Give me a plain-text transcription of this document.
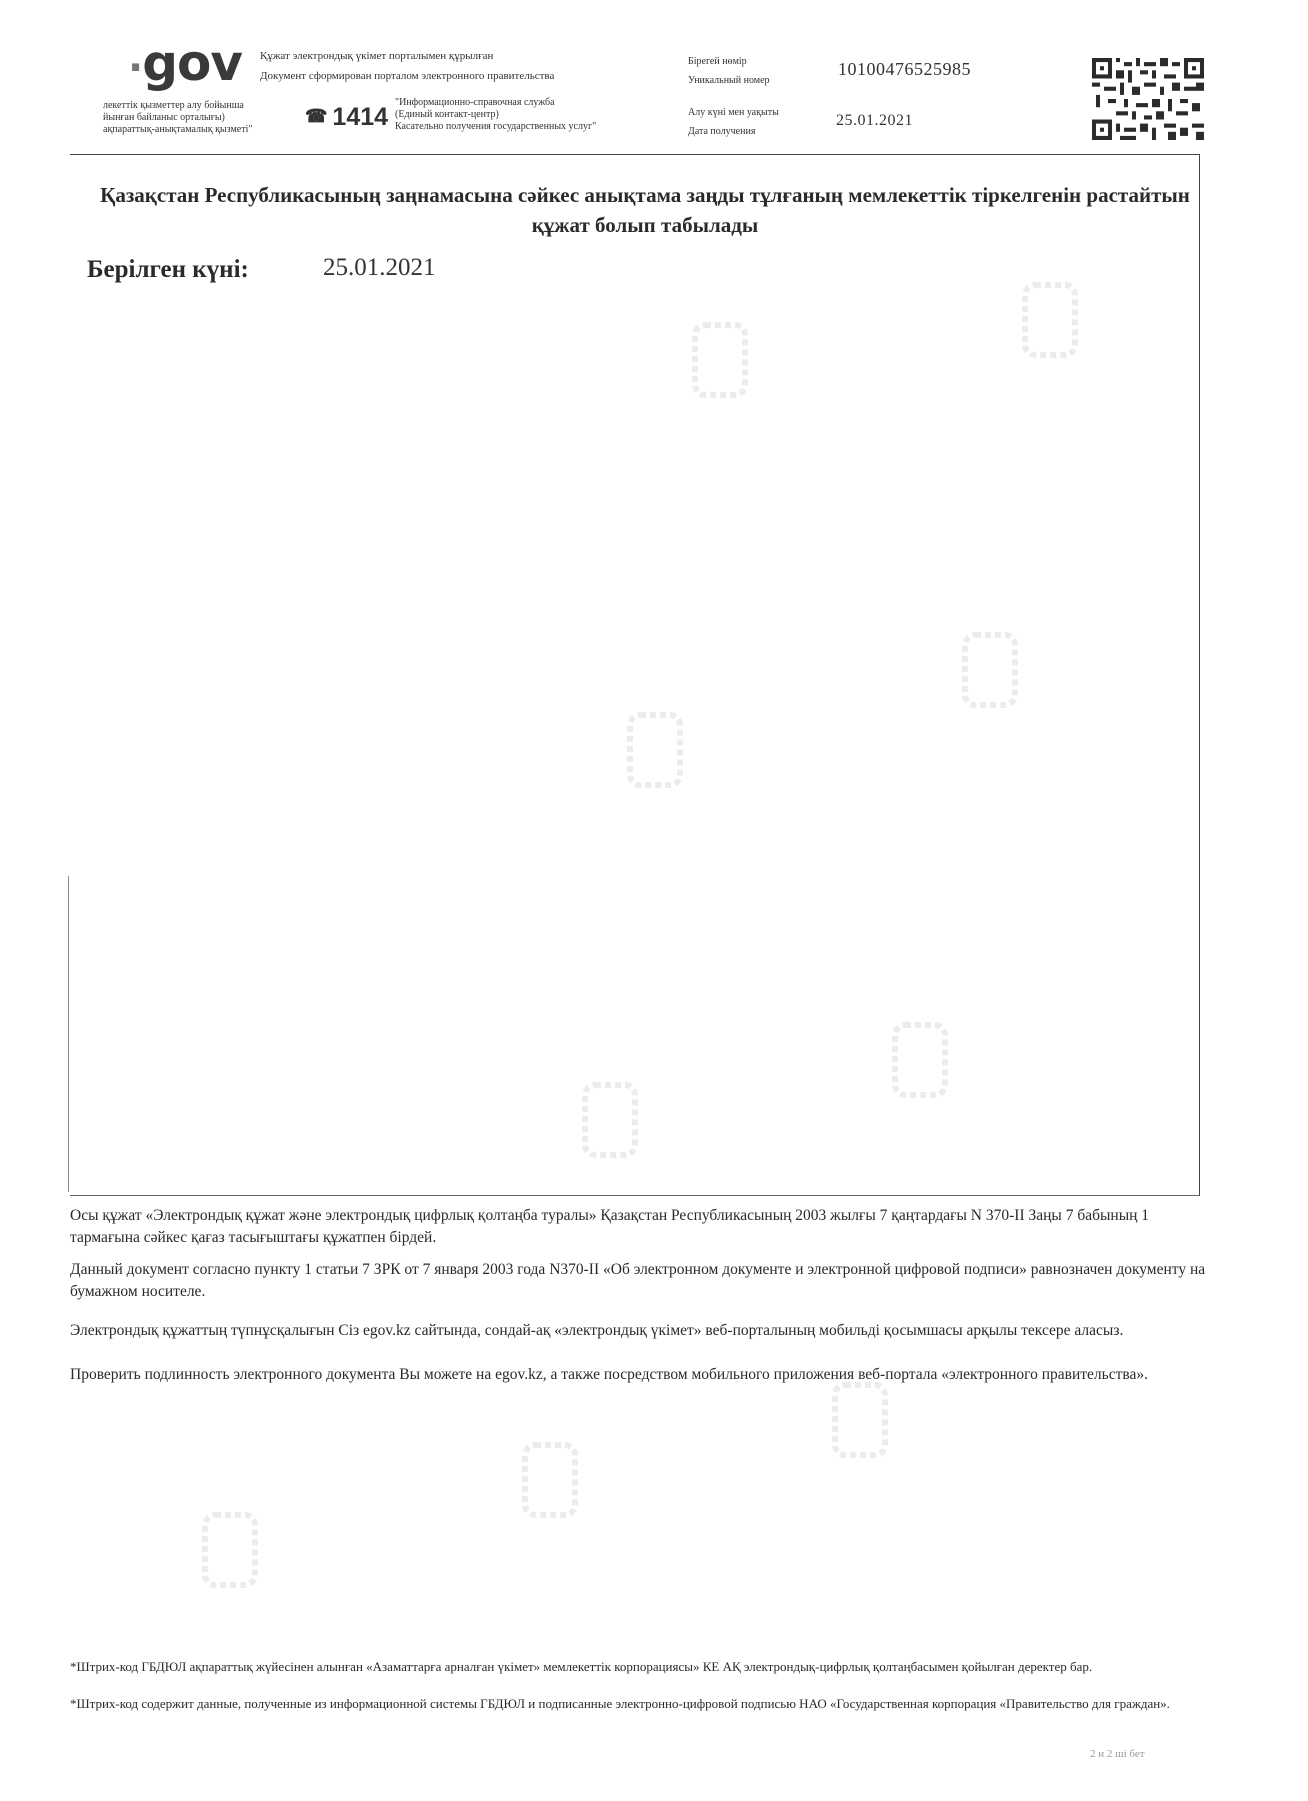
.gov Құжат электрондық үкімет порталымен құрылған
Документ сформирован порталом электронного правительства
лекеттік қызметтер алу бойынша
йынған байланыс орталығы)
ақпараттық-анықтамалық қызметі"
☎ 1414
"Информационно-справочная служба
(Единый контакт-центр)
Касательно получения государственных услуг"
Бірегей нөмір
Уникальный номер
10100476525985
Алу күні мен уақыты
Дата получения
25.01.2021
Қазақстан Республикасының заңнамасына сәйкес анықтама заңды тұлғаның мемлекеттік тіркелгенін растайтын құжат болып табылады
Берілген күні:	25.01.2021
Осы құжат «Электрондық құжат және электрондық цифрлық қолтаңба туралы» Қазақстан Республикасының 2003 жылғы 7 қаңтардағы N 370-II Заңы 7 бабының 1 тармағына сәйкес қағаз тасығыштағы құжатпен бірдей.
Данный документ согласно пункту 1 статьи 7 ЗРК от 7 января 2003 года N370-II «Об электронном документе и электронной цифровой подписи» равнозначен документу на бумажном носителе.
Электрондық құжаттың түпнұсқалығын Сіз egov.kz сайтында, сондай-ақ «электрондық үкімет» веб-порталының мобильді қосымшасы арқылы тексере аласыз.
Проверить подлинность электронного документа Вы можете на egov.kz, а также посредством мобильного приложения веб-портала «электронного правительства».
*Штрих-код ГБДЮЛ ақпараттық жүйесінен алынған «Азаматтарға арналған үкімет» мемлекеттік корпорациясы» КЕ АҚ электрондық-цифрлық қолтаңбасымен қойылған деректер бар.
*Штрих-код содержит данные, полученные из информационной системы ГБДЮЛ и подписанные электронно-цифровой подписью НАО «Государственная корпорация «Правительство для граждан».
2 и 2 ші бет
